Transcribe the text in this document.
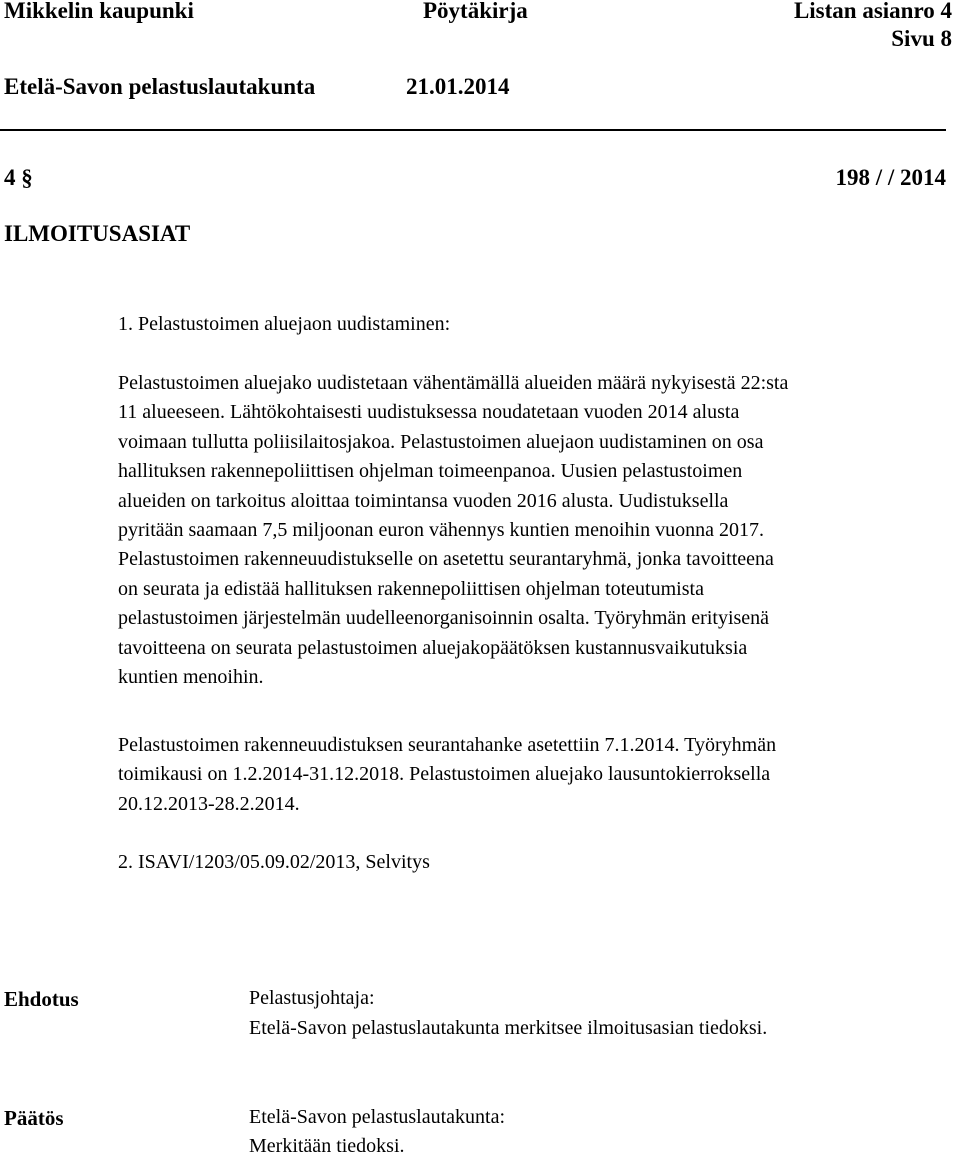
Mikkelin kaupunki	Pöytäkirja	Listan asianro 4
Sivu 8
Etelä-Savon pelastuslautakunta	21.01.2014
4 §	198 / / 2014
ILMOITUSASIAT
1. Pelastustoimen aluejaon uudistaminen:
Pelastustoimen aluejako uudistetaan vähentämällä alueiden määrä nykyisestä 22:sta
11 alueeseen. Lähtökohtaisesti uudistuksessa noudatetaan vuoden 2014 alusta
voimaan tullutta poliisilaitosjakoa. Pelastustoimen aluejaon uudistaminen on osa
hallituksen rakennepoliittisen ohjelman toimeenpanoa. Uusien pelastustoimen
alueiden on tarkoitus aloittaa toimintansa vuoden 2016 alusta. Uudistuksella
pyritään saamaan 7,5 miljoonan euron vähennys kuntien menoihin vuonna 2017.
Pelastustoimen rakenneuudistukselle on asetettu seurantaryhmä, jonka tavoitteena
on seurata ja edistää hallituksen rakennepoliittisen ohjelman toteutumista
pelastustoimen järjestelmän uudelleenorganisoinnin osalta. Työryhmän erityisenä
tavoitteena on seurata pelastustoimen aluejakopäätöksen kustannusvaikutuksia
kuntien menoihin.
Pelastustoimen rakenneuudistuksen seurantahanke asetettiin 7.1.2014. Työryhmän
toimikausi on 1.2.2014-31.12.2018. Pelastustoimen aluejako lausuntokierroksella
20.12.2013-28.2.2014.
2. ISAVI/1203/05.09.02/2013, Selvitys
Ehdotus	Pelastusjohtaja:
Etelä-Savon pelastuslautakunta merkitsee ilmoitusasian tiedoksi.
Päätös	Etelä-Savon pelastuslautakunta:
Merkitään tiedoksi.
